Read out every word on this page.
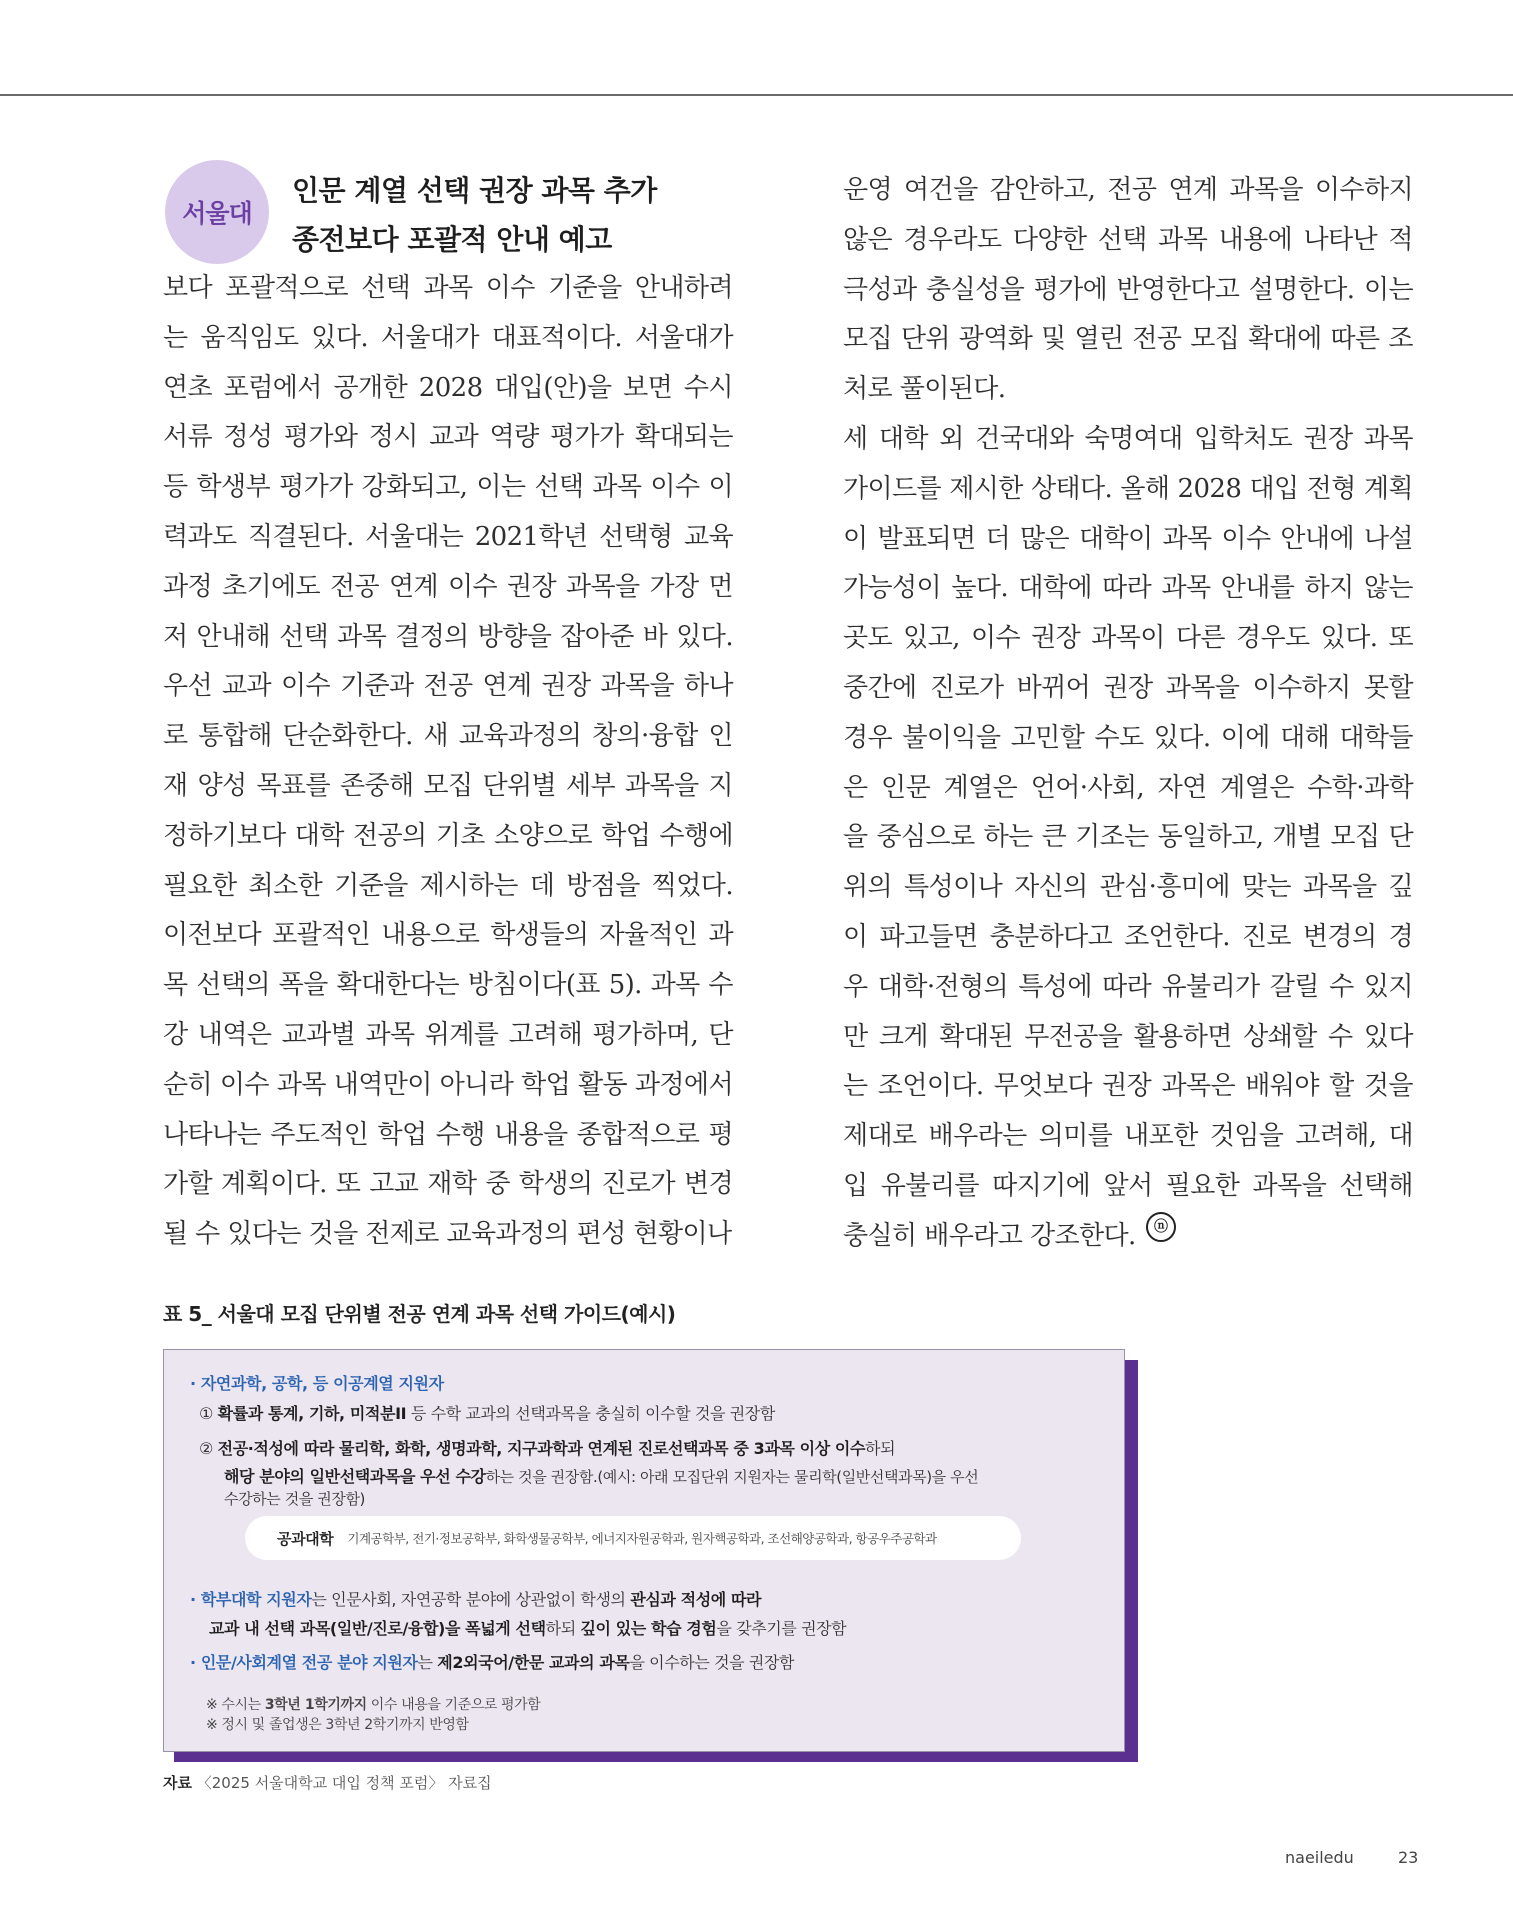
서울대
인문 계열 선택 권장 과목 추가
종전보다 포괄적 안내 예고
보다 포괄적으로 선택 과목 이수 기준을 안내하려
는 움직임도 있다. 서울대가 대표적이다. 서울대가
연초 포럼에서 공개한 2028 대입(안)을 보면 수시
서류 정성 평가와 정시 교과 역량 평가가 확대되는
등 학생부 평가가 강화되고, 이는 선택 과목 이수 이
력과도 직결된다. 서울대는 2021학년 선택형 교육
과정 초기에도 전공 연계 이수 권장 과목을 가장 먼
저 안내해 선택 과목 결정의 방향을 잡아준 바 있다.
우선 교과 이수 기준과 전공 연계 권장 과목을 하나
로 통합해 단순화한다. 새 교육과정의 창의·융합 인
재 양성 목표를 존중해 모집 단위별 세부 과목을 지
정하기보다 대학 전공의 기초 소양으로 학업 수행에
필요한 최소한 기준을 제시하는 데 방점을 찍었다.
이전보다 포괄적인 내용으로 학생들의 자율적인 과
목 선택의 폭을 확대한다는 방침이다(표 5). 과목 수
강 내역은 교과별 과목 위계를 고려해 평가하며, 단
순히 이수 과목 내역만이 아니라 학업 활동 과정에서
나타나는 주도적인 학업 수행 내용을 종합적으로 평
가할 계획이다. 또 고교 재학 중 학생의 진로가 변경
될 수 있다는 것을 전제로 교육과정의 편성 현황이나
운영 여건을 감안하고, 전공 연계 과목을 이수하지
않은 경우라도 다양한 선택 과목 내용에 나타난 적
극성과 충실성을 평가에 반영한다고 설명한다. 이는
모집 단위 광역화 및 열린 전공 모집 확대에 따른 조
처로 풀이된다.
세 대학 외 건국대와 숙명여대 입학처도 권장 과목
가이드를 제시한 상태다. 올해 2028 대입 전형 계획
이 발표되면 더 많은 대학이 과목 이수 안내에 나설
가능성이 높다. 대학에 따라 과목 안내를 하지 않는
곳도 있고, 이수 권장 과목이 다른 경우도 있다. 또
중간에 진로가 바뀌어 권장 과목을 이수하지 못할
경우 불이익을 고민할 수도 있다. 이에 대해 대학들
은 인문 계열은 언어·사회, 자연 계열은 수학·과학
을 중심으로 하는 큰 기조는 동일하고, 개별 모집 단
위의 특성이나 자신의 관심·흥미에 맞는 과목을 깊
이 파고들면 충분하다고 조언한다. 진로 변경의 경
우 대학·전형의 특성에 따라 유불리가 갈릴 수 있지
만 크게 확대된 무전공을 활용하면 상쇄할 수 있다
는 조언이다. 무엇보다 권장 과목은 배워야 할 것을
제대로 배우라는 의미를 내포한 것임을 고려해, 대
입 유불리를 따지기에 앞서 필요한 과목을 선택해
충실히 배우라고 강조한다.	ⓝ
표 5_ 서울대 모집 단위별 전공 연계 과목 선택 가이드(예시)
· 자연과학, 공학, 등 이공계열 지원자
① 확률과 통계, 기하, 미적분II 등 수학 교과의 선택과목을 충실히 이수할 것을 권장함
② 전공·적성에 따라 물리학, 화학, 생명과학, 지구과학과 연계된 진로선택과목 중 3과목 이상 이수하되
해당 분야의 일반선택과목을 우선 수강하는 것을 권장함.(예시: 아래 모집단위 지원자는 물리학(일반선택과목)을 우선
수강하는 것을 권장함)
공과대학 기계공학부, 전기·정보공학부, 화학생물공학부, 에너지자원공학과, 원자핵공학과, 조선해양공학과, 항공우주공학과
· 학부대학 지원자는 인문사회, 자연공학 분야에 상관없이 학생의 관심과 적성에 따라
교과 내 선택 과목(일반/진로/융합)을 폭넓게 선택하되 깊이 있는 학습 경험을 갖추기를 권장함
· 인문/사회계열 전공 분야 지원자는 제2외국어/한문 교과의 과목을 이수하는 것을 권장함
※ 수시는 3학년 1학기까지 이수 내용을 기준으로 평가함
※ 정시 및 졸업생은 3학년 2학기까지 반영함
자료 〈2025 서울대학교 대입 정책 포럼〉 자료집
naeiledu	23
